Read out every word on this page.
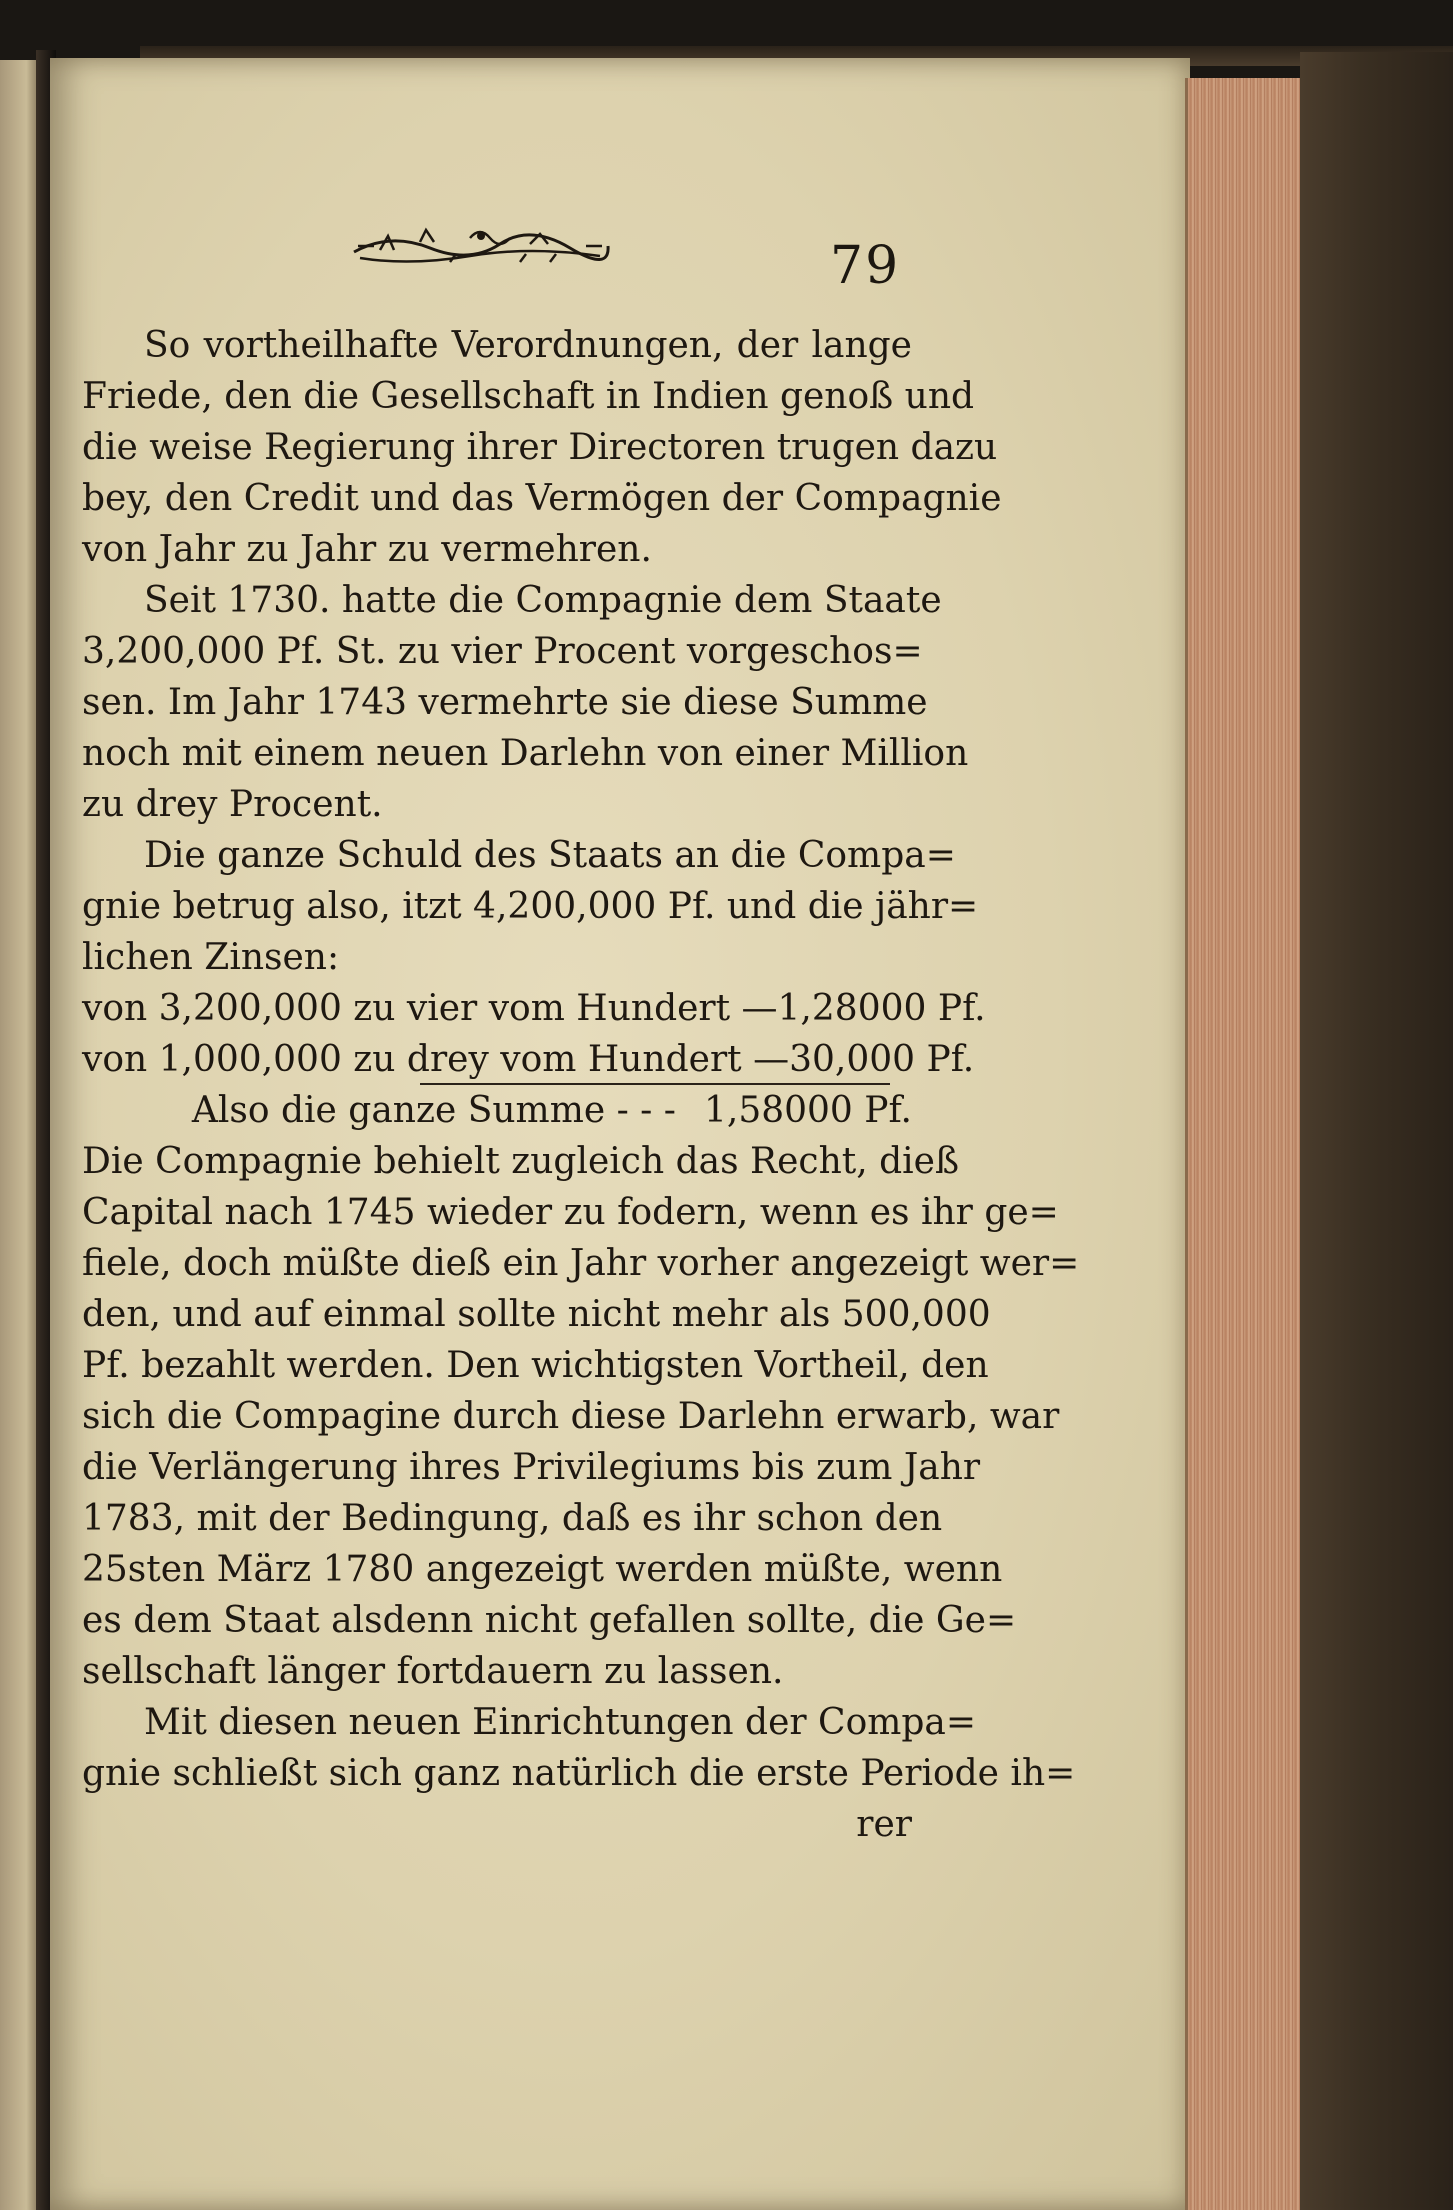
79
So vortheilhafte Verordnungen, der lange
Friede, den die Gesellschaft in Indien genoß und
die weise Regierung ihrer Directoren trugen dazu
bey, den Credit und das Vermögen der Compagnie
von Jahr zu Jahr zu vermehren.
Seit 1730. hatte die Compagnie dem Staate
3,200,000 Pf. St. zu vier Procent vorgeschos=
sen. Im Jahr 1743 vermehrte sie diese Summe
noch mit einem neuen Darlehn von einer Million
zu drey Procent.
Die ganze Schuld des Staats an die Compa=
gnie betrug also, itzt 4,200,000 Pf. und die jähr=
lichen Zinsen:
von 3,200,000 zu vier vom Hundert — 1,28000 Pf.
von 1,000,000 zu drey vom Hundert — 30,000 Pf.
Also die ganze Summe - - - 1,58000 Pf.
Die Compagnie behielt zugleich das Recht, dieß
Capital nach 1745 wieder zu fodern, wenn es ihr ge=
fiele, doch müßte dieß ein Jahr vorher angezeigt wer=
den, und auf einmal sollte nicht mehr als 500,000
Pf. bezahlt werden. Den wichtigsten Vortheil, den
sich die Compagine durch diese Darlehn erwarb, war
die Verlängerung ihres Privilegiums bis zum Jahr
1783, mit der Bedingung, daß es ihr schon den
25sten März 1780 angezeigt werden müßte, wenn
es dem Staat alsdenn nicht gefallen sollte, die Ge=
sellschaft länger fortdauern zu lassen.
Mit diesen neuen Einrichtungen der Compa=
gnie schließt sich ganz natürlich die erste Periode ih=
rer
